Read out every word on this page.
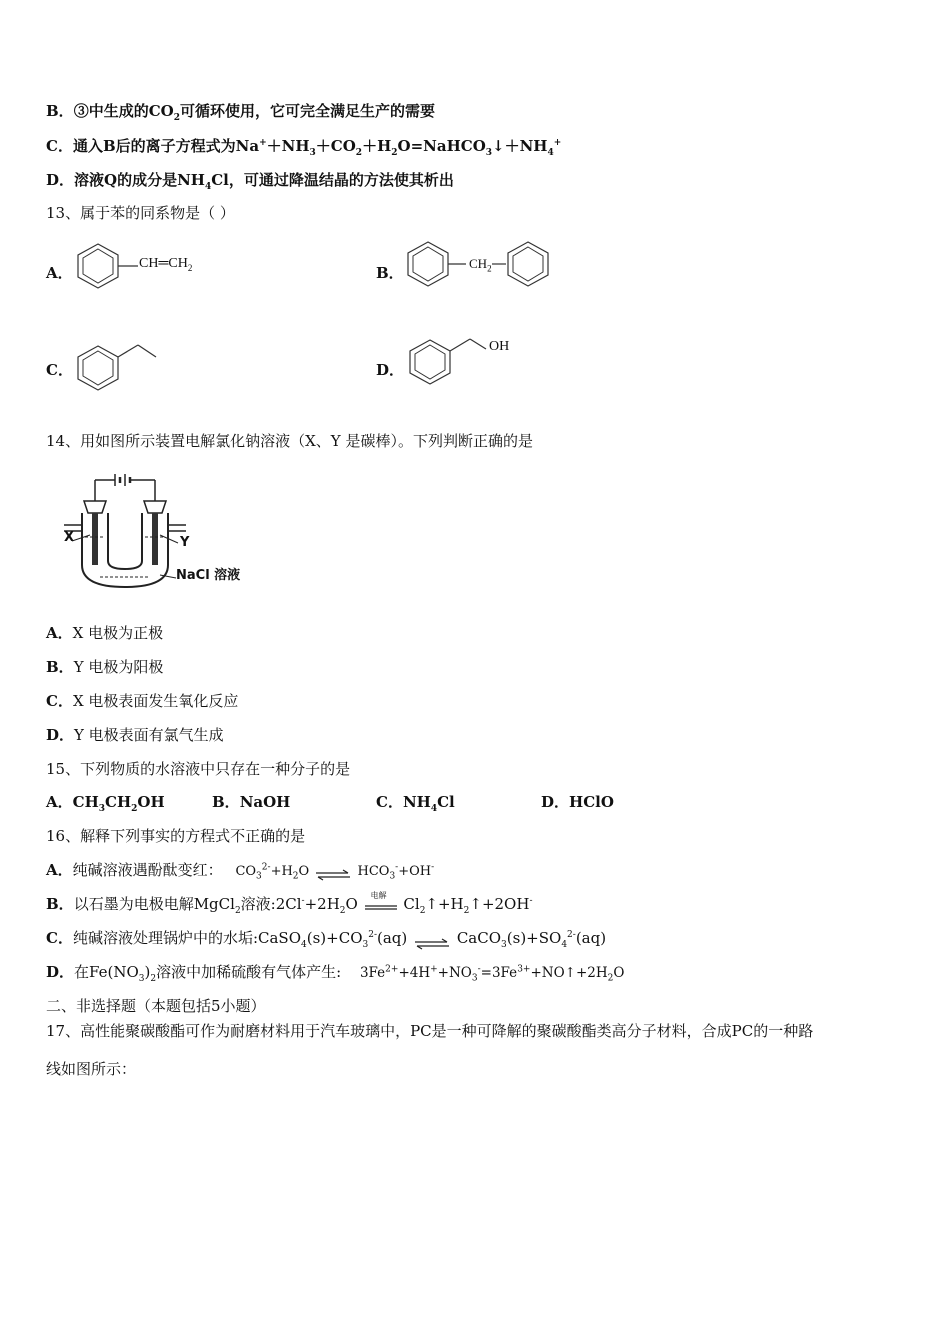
B．③中生成的$CO_2$可循环使用，它可完全满足生产的需要
C．通入B后的离子方程式为$Na^++NH_3+CO_2+H_2O=NaHCO_3↓+NH_4^+$
D．溶液Q的成分是$NH_4Cl$，可通过降温结晶的方法使其析出
13、属于苯的同系物是（ ）
A．
$CH═CH_2$	B．
$CH_2$
C．	D．
OH
14、用如图所示装置电解氯化钠溶液（X、Y 是碳棒）。下列判断正确的是
X	Y
NaCl 溶液
A．X 电极为正极
B．Y 电极为阳极
C．X 电极表面发生氧化反应
D．Y 电极表面有氯气生成
15、下列物质的水溶液中只存在一种分子的是
A．$CH_3CH_2OH$	B．NaOH	C．$NH_4Cl$	D．HClO
16、解释下列事实的方程式不正确的是
A．纯碱溶液遇酚酞变红： $CO_3^{2-}+H_2O$ ⇌ $HCO_3^-+OH^-$
B．以石墨为电极电解MgCl$_2$溶液$:2Cl^-+2H_2O$ 电解 $Cl_2↑+H_2↑+2OH^-$
C．纯碱溶液处理锅炉中的水垢$:CaSO_4(s)+CO_3^{2-}(aq)$ ⇌ $CaCO_3(s)+SO_4^{2-}(aq)$
D．在$Fe(NO_3)_2$溶液中加稀硫酸有气体产生: $3Fe^{2+}+4H^++NO_3^-=3Fe^{3+}+NO↑+2H_2O$
二、非选择题（本题包括5小题）
17、高性能聚碳酸酯可作为耐磨材料用于汽车玻璃中，PC是一种可降解的聚碳酸酯类高分子材料，合成PC的一种路
线如图所示：
